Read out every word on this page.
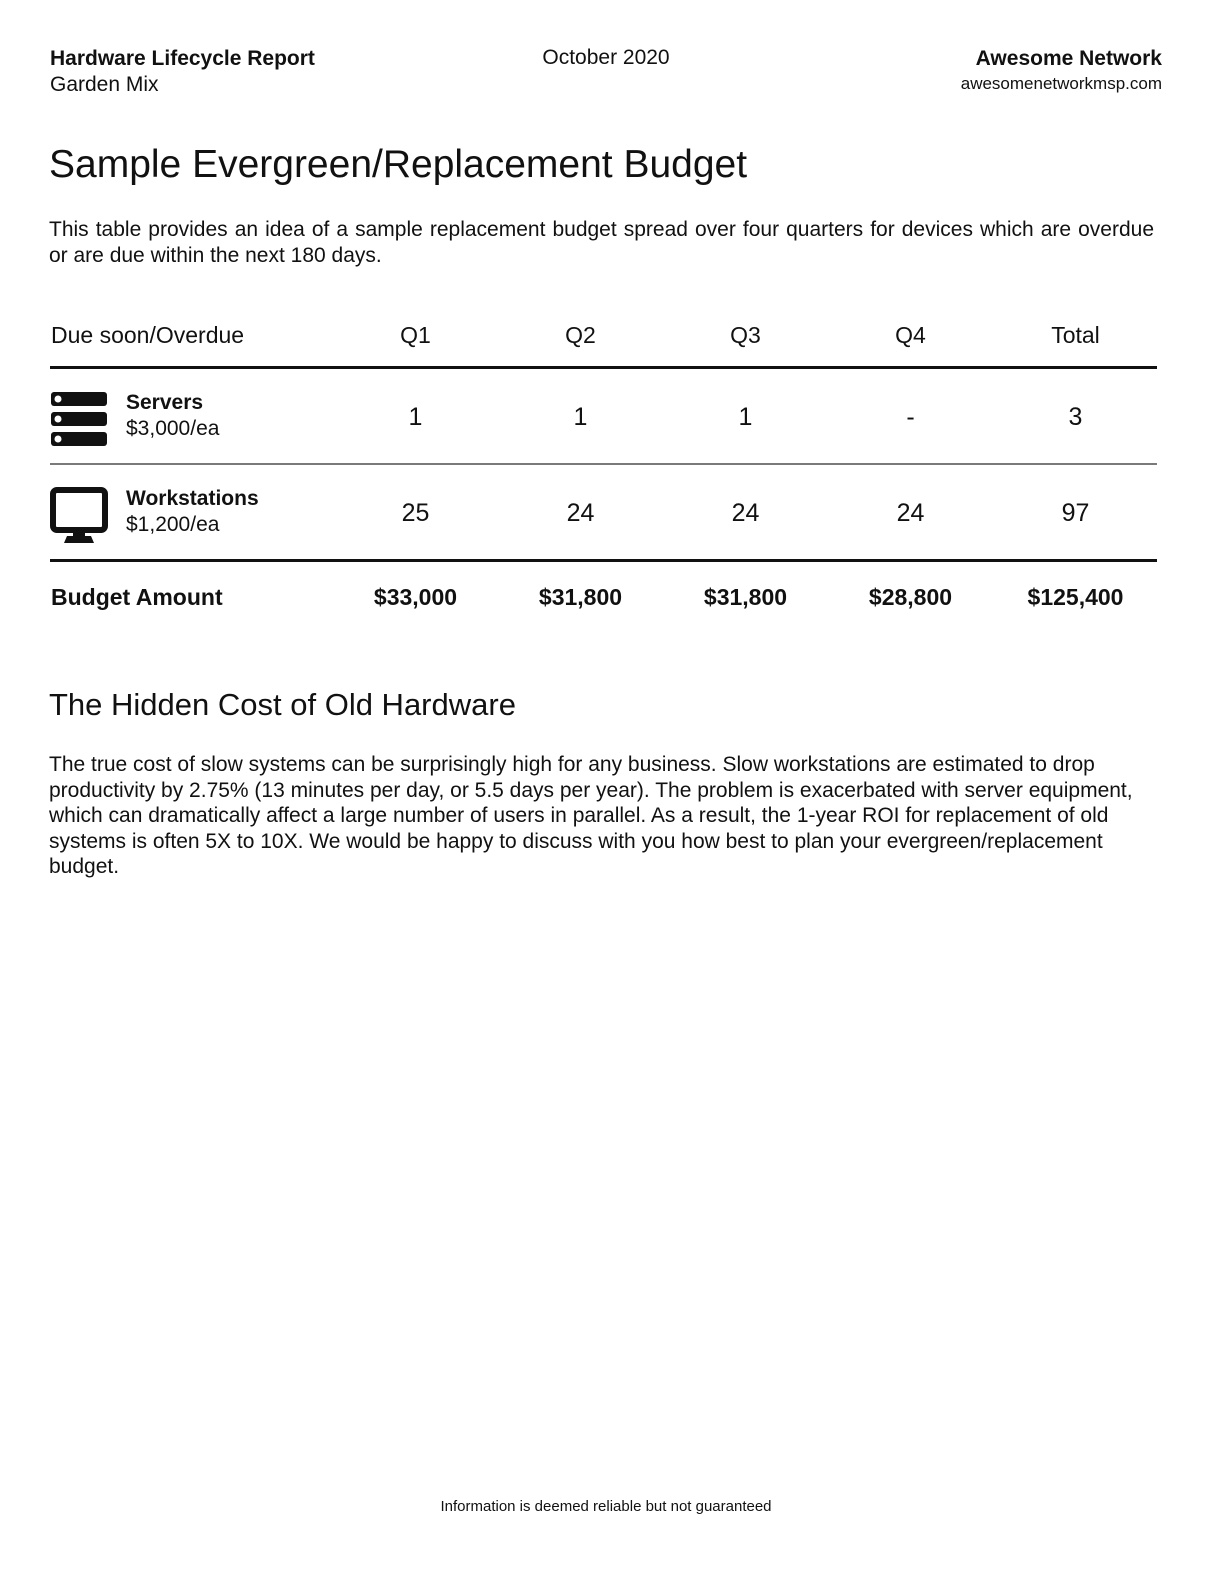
Hardware Lifecycle Report
Garden Mix
October 2020	Awesome Network
awesomenetworkmsp.com
Sample Evergreen/Replacement Budget

This table provides an idea of a sample replacement budget spread over four quarters for devices which are overdue or are due within the next 180 days.

Due soon/Overdue	Q1	Q2	Q3	Q4	Total
Servers
$3,000/ea	1	1	1	-	3
Workstations
$1,200/ea	25	24	24	24	97
Budget Amount	$33,000	$31,800	$31,800	$28,800	$125,400
The Hidden Cost of Old Hardware

The true cost of slow systems can be surprisingly high for any business. Slow workstations are estimated to drop productivity by 2.75% (13 minutes per day, or 5.5 days per year). The problem is exacerbated with server equipment, which can dramatically affect a large number of users in parallel. As a result, the 1-year ROI for replacement of old systems is often 5X to 10X. We would be happy to discuss with you how best to plan your evergreen/replacement budget.

Information is deemed reliable but not guaranteed
